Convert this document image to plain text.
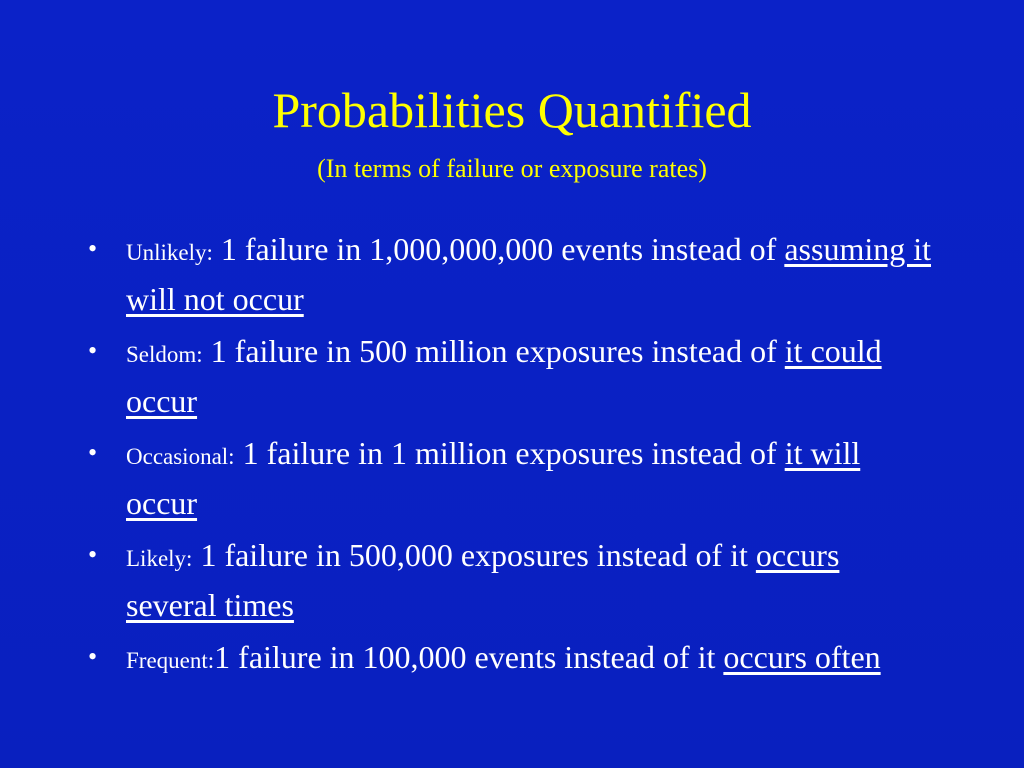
Probabilities Quantified
(In terms of failure or exposure rates)
• Unlikely: 1 failure in 1,000,000,000 events instead of assuming it will not occur
• Seldom: 1 failure in 500 million exposures instead of it could occur
• Occasional: 1 failure in 1 million exposures instead of it will occur
• Likely: 1 failure in 500,000 exposures instead of it occurs several times
• Frequent:1 failure in 100,000 events instead of it occurs often
